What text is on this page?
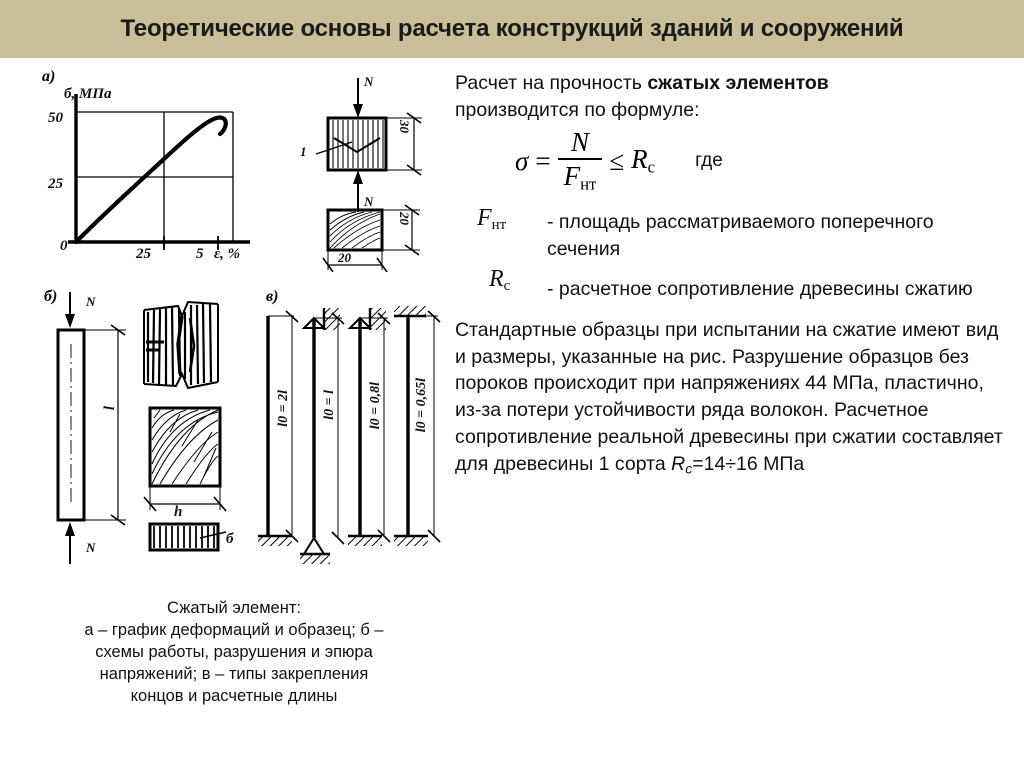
Теоретические основы расчета конструкций зданий и сооружений
а)
б, МПа
50
25
0	25	5 ε, %
N
N
1
30
20
20
б) N
N
l
h
б
в)
l0 = 2l l0 = l l0 = 0,8l l0 = 0,65l
Сжатый элемент:
а – график деформаций и образец; б –
схемы работы, разрушения и эпюра
напряжений; в – типы закрепления
концов и расчетные длины

Расчет на прочность сжатых элементов
производится по формуле:

$\sigma = \frac{N}{F_{нт}} \le R_с$ где
$F_{нт}$	- площадь рассматриваемого поперечного сечения
$R_с$	- расчетное сопротивление древесины сжатию

Стандартные образцы при испытании на сжатие имеют вид и размеры, указанные на рис. Разрушение образцов без пороков происходит при напряжениях 44 МПа, пластично, из-за потери устойчивости ряда волокон. Расчетное сопротивление реальной древесины при сжатии составляет для древесины 1 сорта Rc=14÷16 МПа
